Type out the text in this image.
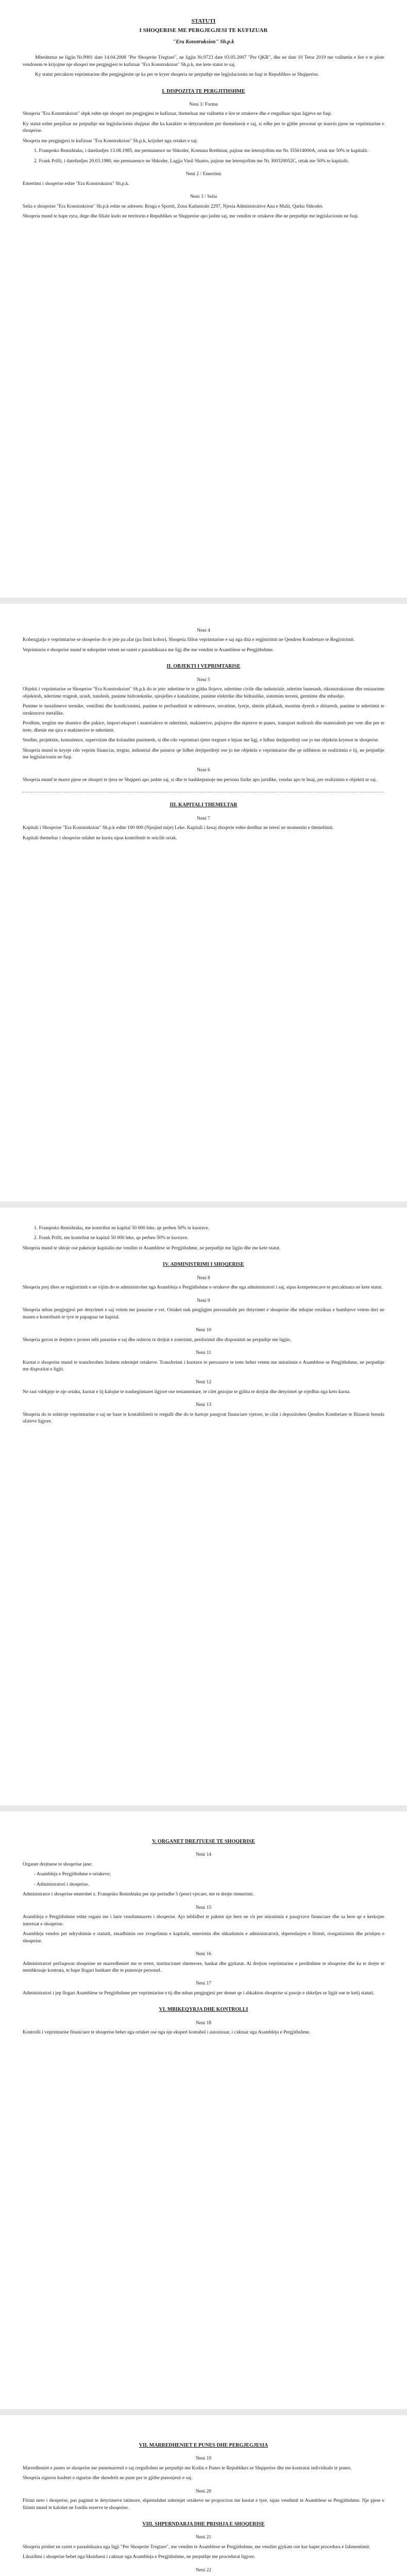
STATUTI

I SHOQERISE ME PERGJEGJESI TE KUFIZUAR

"Era Konstruksion" Sh.p.k

Mbeshtetur ne ligjin Nr.9901 date 14.04.2008 "Per Shoqerite Tregtare", ne ligjin Nr.9723 date 03.05.2007 "Per QKR", dhe ne date 10 Tetor 2019 me vullnetin e lire e te plote vendosem te krijojme nje shoqeri me pergjegjesi te kufizuar "Era Konstruksion" Sh.p.k, me kete statut te saj.

Ky statut percakton veprimtarine dhe pergjegjesite qe ka per te kryer shoqeria ne perputhje me legjislacionin ne fuqi te Republikes se Shqiperise.

I. DISPOZITA TE PERGJITHSHME
Neni 1/ Forma

Shoqeria "Era Konstruksion" shpk eshte nje shoqeri me pergjegjesi te kufizuar, themeluar me vullnetin e lire te ortakeve dhe e rregulluar sipas ligjeve ne fuqi.

Ky statut eshte perpiluar ne perputhje me legjislacionin shqiptar dhe ka karakter te detyrueshem per themeluesit e saj, si edhe per te gjithe personat qe marrin pjese ne veprimtarine e shoqerise.

Shoqeria me pergjegjesi te kufizuar "Era Konstruksion" Sh.p.k, krijohet nga ortaket e saj:

1. Franqesko Renishtaku, i datelindjes 13.08.1985, me permanence ne Shkoder, Komuna Rrethinat, pajisur me leternjoftim me Nr. I55614000A, ortak me 50% te kapitalit.

2. Frank Prifti, i datelindjes 20.03.1980, me permanence ne Shkoder, Lagjja Vasil Shanto, pajisur me leternjoftim me Nr. I00320052C, ortak me 50% te kapitalit.

Neni 2 / Emertimi

Emertimi i shoqerise eshte "Era Konstruksion" Sh.p.k.

Neni 3 / Selia

Selia e shoqerise "Era Konstruksion" Sh.p.k eshte ne adresen: Rruga e Sportit, Zona Kadastrale 2297, Njesia Administrative Ana e Malit, Qarku Shkoder.

Shoqeria mund te hape zyra, dege dhe filiale kudo ne territorin e Republikes se Shqiperise apo jashte saj, me vendim te ortakeve dhe ne perputhje me legjislacionin ne fuqi.

Neni 4

Kohezgjatja e veprimtarise se shoqerise do te jete pa afat (pa limit kohor). Shoqeria fillon veprimtarine e saj nga dita e regjistrimit ne Qendren Kombetare te Regjistrimit.

Veprimtaria e shoqerise mund te nderpritet vetem ne rastet e parashikuara me ligj dhe me vendim te Asamblese se Pergjithshme.

II. OBJEKTI I VEPRIMTARISE
Neni 5

Objekti i veprimtarise se Shoqerise "Era Konstruksion" Sh.p.k do te jete: ndertime te te gjitha llojeve, ndertime civile dhe industriale, ndertim banesash, rikonstruksione dhe restaurime objektesh, ndertime rrugesh, urash, tunelesh, punime hidroteknike, ujesjelles e kanalizime, punime elektrike dhe hidraulike, sistemim terreni, germime dhe mbushje.

Punime te instalimeve termike, ventilimi dhe kondicionimi, punime te perfundimit te ndertesave, suvatime, lyerje, shtrim pllakash, montim dyersh e dritaresh, punime te ndertimit te strukturave metalike.

Prodhim, tregtim me shumice dhe pakice, import-eksport i materialeve te ndertimit, makinerive, pajisjeve dhe mjeteve te punes, transport mallrash dhe materialesh per vete dhe per te trete, dhenie me qira e makinerive te ndertimit.

Studim, projektim, konsulence, supervizim dhe kolaudim punimesh, si dhe cdo veprimtari tjeter tregtare e lejuar me ligj, e lidhur drejtperdrejt ose jo me objektin kryesor te shoqerise.

Shoqeria mund te kryeje cdo veprim financiar, tregtar, industrial dhe pasuror qe lidhet drejtperdrejt ose jo me objektin e veprimtarise dhe qe ndihmon ne realizimin e tij, ne perputhje me legjislacionin ne fuqi.

Neni 6

Shoqeria mund te marre pjese ne shoqeri te tjera ne Shqiperi apo jashte saj, si dhe te bashkepunoje me persona fizike apo juridike, vendas apo te huaj, per realizimin e objektit te saj.

III. KAPITALI THEMELTAR
Neni 7

Kapitali i Shoqerise "Era Konstruksion" Sh.p.k eshte 100 000 (Njeqind mije) Leke. Kapitali i kesaj shoqerie eshte derdhur ne teresi ne momentin e themelimit.

Kapitali themeltar i shoqerise ndahet ne kuota sipas kontributit te seicilit ortak.

1. Franqesko Renishtaku, me kontribut ne kapital 50 000 leke, qe perben 50% te kuotave.

2. Frank Prifti, me kontribut ne kapital 50 000 leke, qe perben 50% te kuotave.

Shoqeria mund te shtoje ose pakesoje kapitalin me vendim te Asamblese se Pergjithshme, ne perputhje me ligjin dhe me kete statut.

IV. ADMINISTRIMI I SHOQERISE
Neni 8

Shoqeria prej dites se regjistrimit e ne vijim do te administrohet nga Asambleja e Pergjithshme e ortakeve dhe nga administratori i saj, sipas kompetencave te percaktuara ne kete statut.

Neni 9

Shoqeria mban pergjegjesi per detyrimet e saj vetem me pasurine e vet. Ortaket nuk pergjigjen personalisht per detyrimet e shoqerise dhe mbajne rrezikun e humbjeve vetem deri ne masen e kontributit te tyre te papaguar ne kapital.

Neni 10

Shoqeria gezon te drejten e prones mbi pasurine e saj dhe ushtron te drejtat e zoterimit, perdorimit dhe disponimit ne perputhje me ligjin.

Neni 11

Kuotat e shoqerise mund te transferohen lirshem ndermjet ortakeve. Transferimi i kuotave te personave te trete behet vetem me miratimin e Asamblese se Pergjithshme, ne perputhje me dispozitat e ligjit.

Neni 12

Ne rast vdekjeje te nje ortaku, kuotat e tij kalojne te trashegimtaret ligjore ose testamentare, te cilet gezojne te gjitha te drejtat dhe detyrimet qe rrjedhin nga keto kuota.

Neni 13

Shoqeria do te ushtroje veprimtarine e saj ne baze te kontabilitetit te rregullt dhe do te hartoje pasqyrat financiare vjetore, te cilat i depozitohen Qendres Kombetare te Biznesit brenda afateve ligjore.

V. ORGANET DREJTUESE TE SHOQERISE
Neni 14

Organet drejtuese te shoqerise jane:

- Asambleja e Pergjithshme e ortakeve;

- Administratori i shoqerise.

Administrator i shoqerise emerohet z. Franqesko Renishtaku per nje periudhe 5 (pese) vjecare, me te drejte riemerimi.

Neni 15

Asambleja e Pergjithshme eshte organi me i larte vendimmarres i shoqerise. Ajo mblidhet te pakten nje here ne vit per miratimin e pasqyrave financiare dhe sa here qe e kerkojne interesat e shoqerise.

Asambleja vendos per ndryshimin e statutit, zmadhimin ose zvogelimin e kapitalit, emerimin dhe shkarkimin e administratorit, shperndarjen e fitimit, riorganizimin dhe prishjen e shoqerise.

Neni 16

Administratori perfaqeson shoqerine ne marredheniet me te tretet, institucionet shteterore, bankat dhe gjykatat. Ai drejton veprimtarine e perditshme te shoqerise dhe ka te drejte te nenshkruaje kontrata, te hape llogari bankare dhe te punesoje personel.

Neni 17

Administratori i jep llogari Asamblese se Pergjithshme per veprimtarine e tij dhe mban pergjegjesi per demet qe i shkakton shoqerise si pasoje e shkeljes se ligjit ose te ketij statuti.

VI. MBIKEQYRJA DHE KONTROLLI
Neni 18

Kontrolli i veprimtarise financiare te shoqerise behet nga ortaket ose nga nje ekspert kontabel i autorizuar, i caktuar nga Asambleja e Pergjithshme.

VII. MARREDHENIET E PUNES DHE PERGJEGJESIA
Neni 19

Marredheniet e punes se shoqerise me punemarresit e saj rregullohen ne perputhje me Kodin e Punes te Republikes se Shqiperise dhe me kontratat individuale te punes.

Shoqeria siguron kushtet e sigurise dhe shendetit ne pune per te gjithe punonjesit e saj.

Neni 20

Fitimi neto i shoqerise, pas pagimit te detyrimeve tatimore, shperndahet ndermjet ortakeve ne proporcion me kuotat e tyre, sipas vendimit te Asamblese se Pergjithshme. Nje pjese e fitimit mund te kalohet ne fondin rezerve te shoqerise.

VIII. SHPERNDARJA DHE PRISHJA E SHOQERISE
Neni 21

Shoqeria prishet ne rastet e parashikuara nga ligji "Per Shoqerite Tregtare", me vendim te Asamblese se Pergjithshme, me vendim gjykate ose kur hapet procedura e falimentimit.

Likuidimi i shoqerise behet nga likuiduesi i caktuar nga Asambleja e Pergjithshme, ne perputhje me procedurat ligjore.

Neni 22
